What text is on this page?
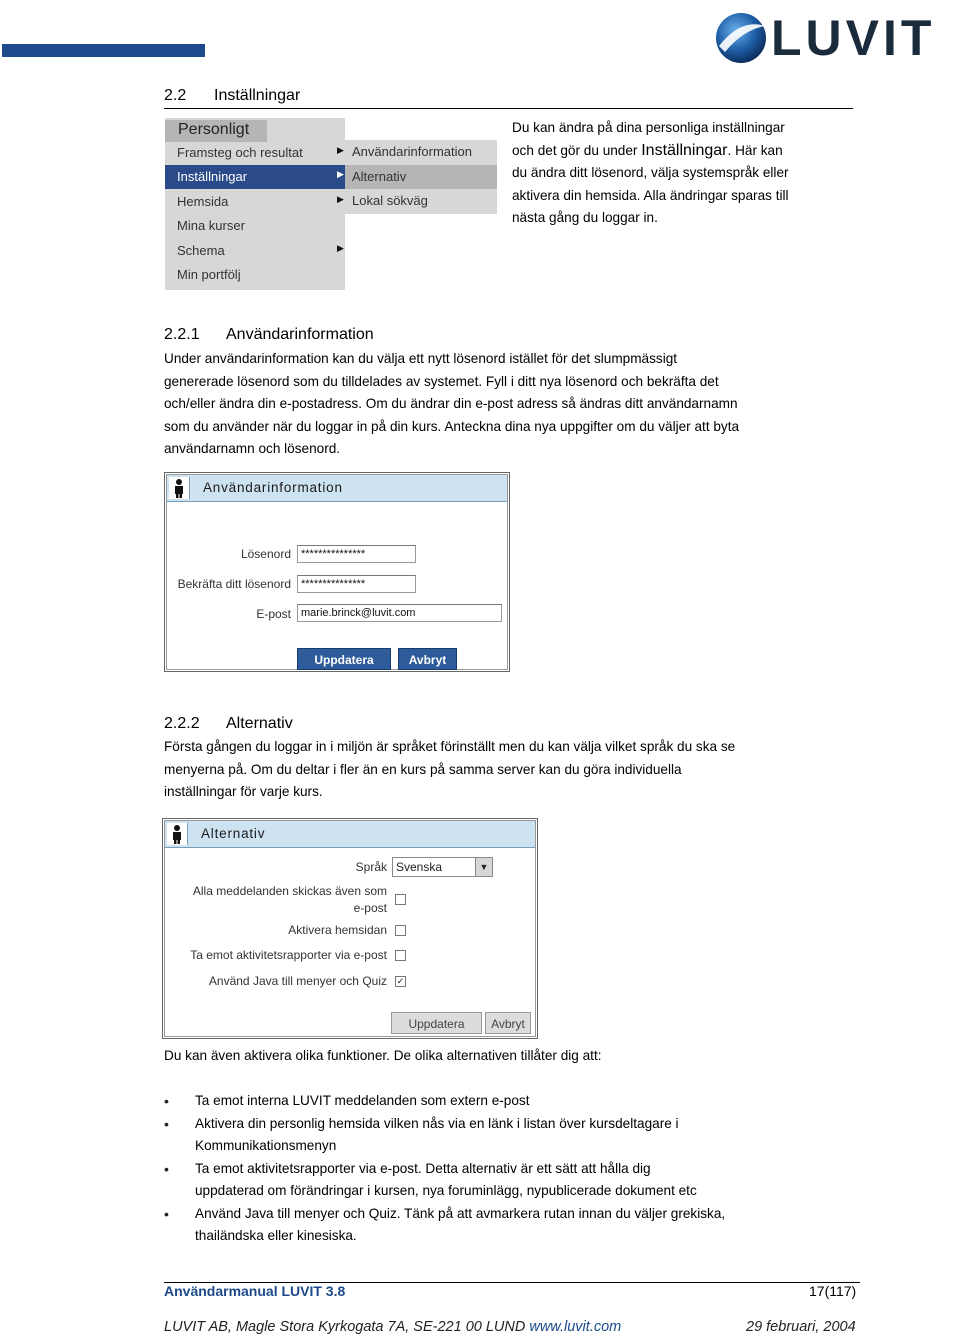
LUVIT
2.2 Inställningar
Personligt
Framsteg och resultat	▶
Inställningar	▶
Hemsida	▶
Mina kurser
Schema	▶
Min portfölj
Användarinformation
Alternativ
Lokal sökväg
Du kan ändra på dina personliga inställningar
och det gör du under Inställningar. Här kan
du ändra ditt lösenord, välja systemspråk eller
aktivera din hemsida. Alla ändringar sparas till
nästa gång du loggar in.
2.2.1 Användarinformation
Under användarinformation kan du välja ett nytt lösenord istället för det slumpmässigt
genererade lösenord som du tilldelades av systemet. Fyll i ditt nya lösenord och bekräfta det
och/eller ändra din e-postadress. Om du ändrar din e-post adress så ändras ditt användarnamn
som du använder när du loggar in på din kurs. Anteckna dina nya uppgifter om du väljer att byta
användarnamn och lösenord.
Användarinformation
Lösenord
***************
Bekräfta ditt lösenord
***************
E-post
marie.brinck@luvit.com
Uppdatera	Avbryt
2.2.2 Alternativ
Första gången du loggar in i miljön är språket förinställt men du kan välja vilket språk du ska se
menyerna på. Om du deltar i fler än en kurs på samma server kan du göra individuella
inställningar för varje kurs.
Alternativ
Språk Svenska	▼
Alla meddelanden skickas även som
e-post
Aktivera hemsidan
Ta emot aktivitetsrapporter via e-post
Använd Java till menyer och Quiz ✓
Uppdatera	Avbryt
Du kan även aktivera olika funktioner. De olika alternativen tillåter dig att:
• Ta emot interna LUVIT meddelanden som extern e-post
• Aktivera din personlig hemsida vilken nås via en länk i listan över kursdeltagare i
Kommunikationsmenyn
• Ta emot aktivitetsrapporter via e-post. Detta alternativ är ett sätt att hålla dig
uppdaterad om förändringar i kursen, nya foruminlägg, nypublicerade dokument etc
• Använd Java till menyer och Quiz. Tänk på att avmarkera rutan innan du väljer grekiska,
thailändska eller kinesiska.
Användarmanual LUVIT 3.8	17(117)
LUVIT AB, Magle Stora Kyrkogata 7A, SE-221 00 LUND www.luvit.com	29 februari, 2004
